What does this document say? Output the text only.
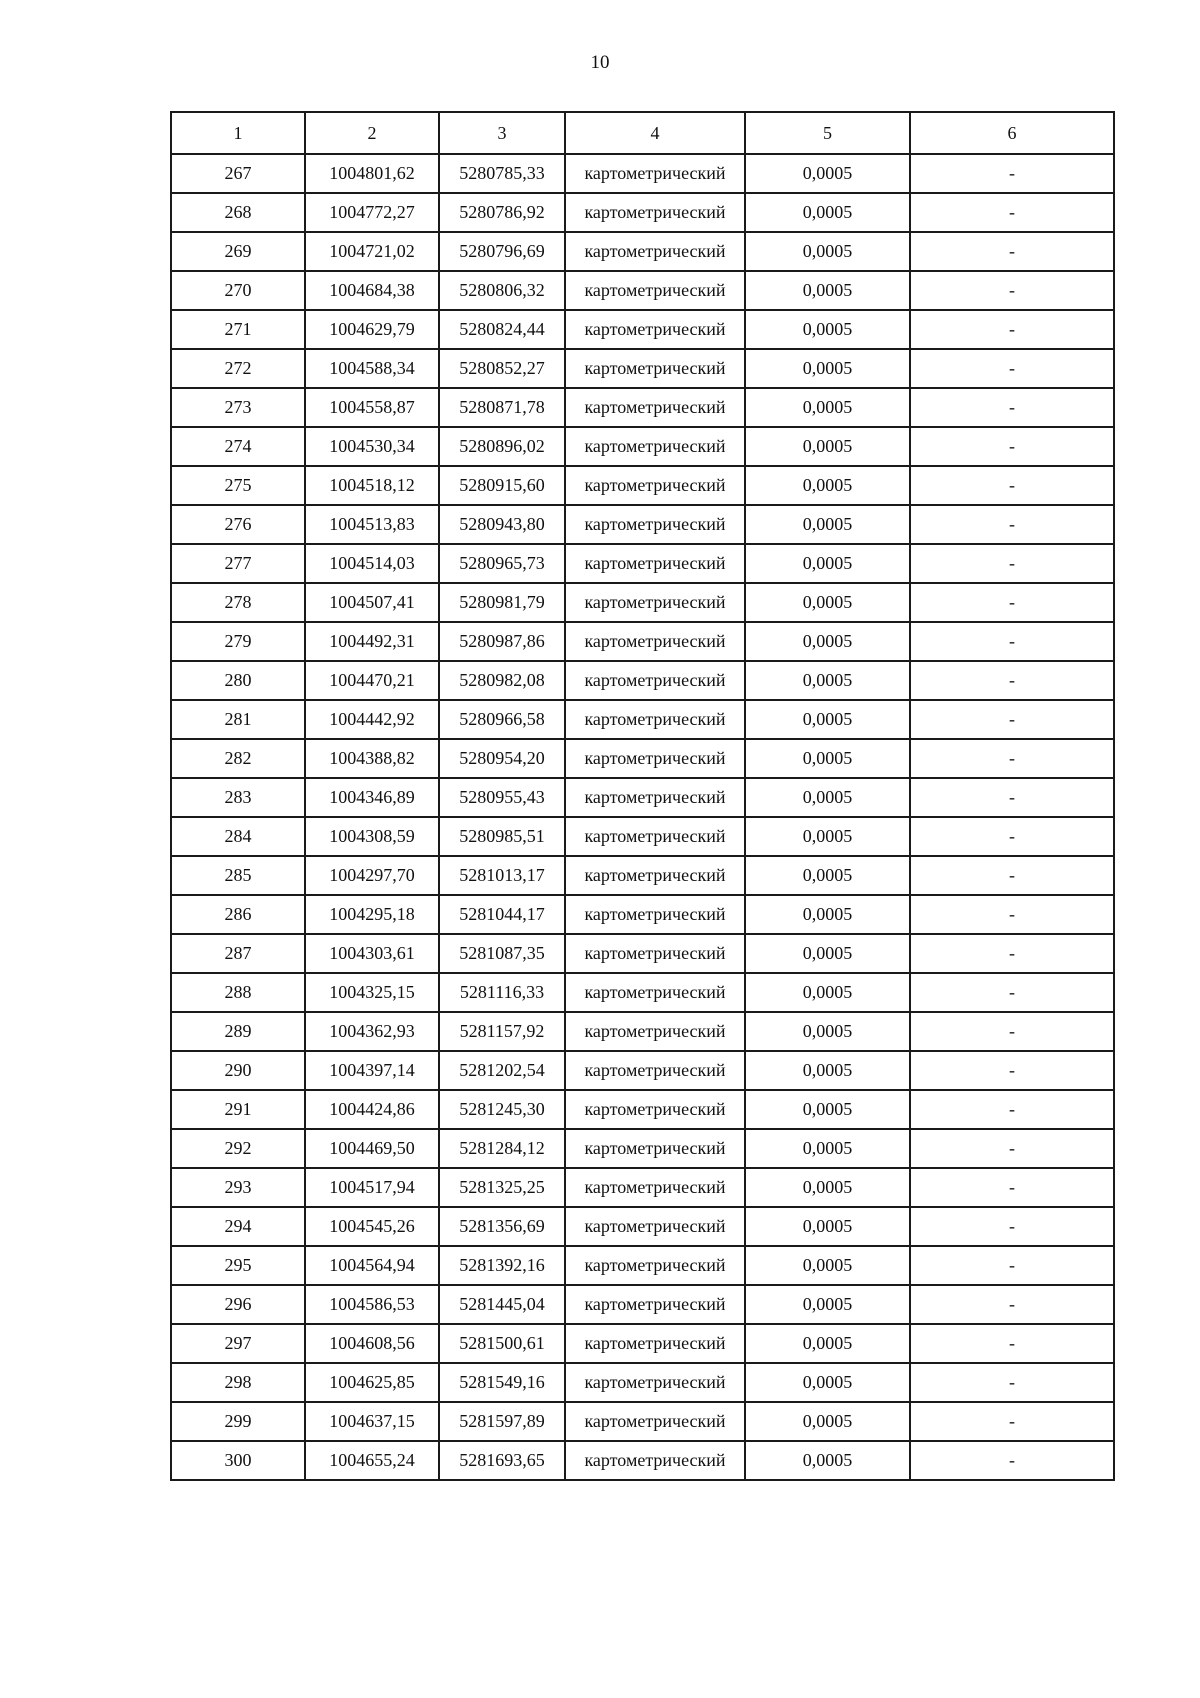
10
1	2	3	4	5	6
267	1004801,62	5280785,33	картометрический	0,0005	-
268	1004772,27	5280786,92	картометрический	0,0005	-
269	1004721,02	5280796,69	картометрический	0,0005	-
270	1004684,38	5280806,32	картометрический	0,0005	-
271	1004629,79	5280824,44	картометрический	0,0005	-
272	1004588,34	5280852,27	картометрический	0,0005	-
273	1004558,87	5280871,78	картометрический	0,0005	-
274	1004530,34	5280896,02	картометрический	0,0005	-
275	1004518,12	5280915,60	картометрический	0,0005	-
276	1004513,83	5280943,80	картометрический	0,0005	-
277	1004514,03	5280965,73	картометрический	0,0005	-
278	1004507,41	5280981,79	картометрический	0,0005	-
279	1004492,31	5280987,86	картометрический	0,0005	-
280	1004470,21	5280982,08	картометрический	0,0005	-
281	1004442,92	5280966,58	картометрический	0,0005	-
282	1004388,82	5280954,20	картометрический	0,0005	-
283	1004346,89	5280955,43	картометрический	0,0005	-
284	1004308,59	5280985,51	картометрический	0,0005	-
285	1004297,70	5281013,17	картометрический	0,0005	-
286	1004295,18	5281044,17	картометрический	0,0005	-
287	1004303,61	5281087,35	картометрический	0,0005	-
288	1004325,15	5281116,33	картометрический	0,0005	-
289	1004362,93	5281157,92	картометрический	0,0005	-
290	1004397,14	5281202,54	картометрический	0,0005	-
291	1004424,86	5281245,30	картометрический	0,0005	-
292	1004469,50	5281284,12	картометрический	0,0005	-
293	1004517,94	5281325,25	картометрический	0,0005	-
294	1004545,26	5281356,69	картометрический	0,0005	-
295	1004564,94	5281392,16	картометрический	0,0005	-
296	1004586,53	5281445,04	картометрический	0,0005	-
297	1004608,56	5281500,61	картометрический	0,0005	-
298	1004625,85	5281549,16	картометрический	0,0005	-
299	1004637,15	5281597,89	картометрический	0,0005	-
300	1004655,24	5281693,65	картометрический	0,0005	-
